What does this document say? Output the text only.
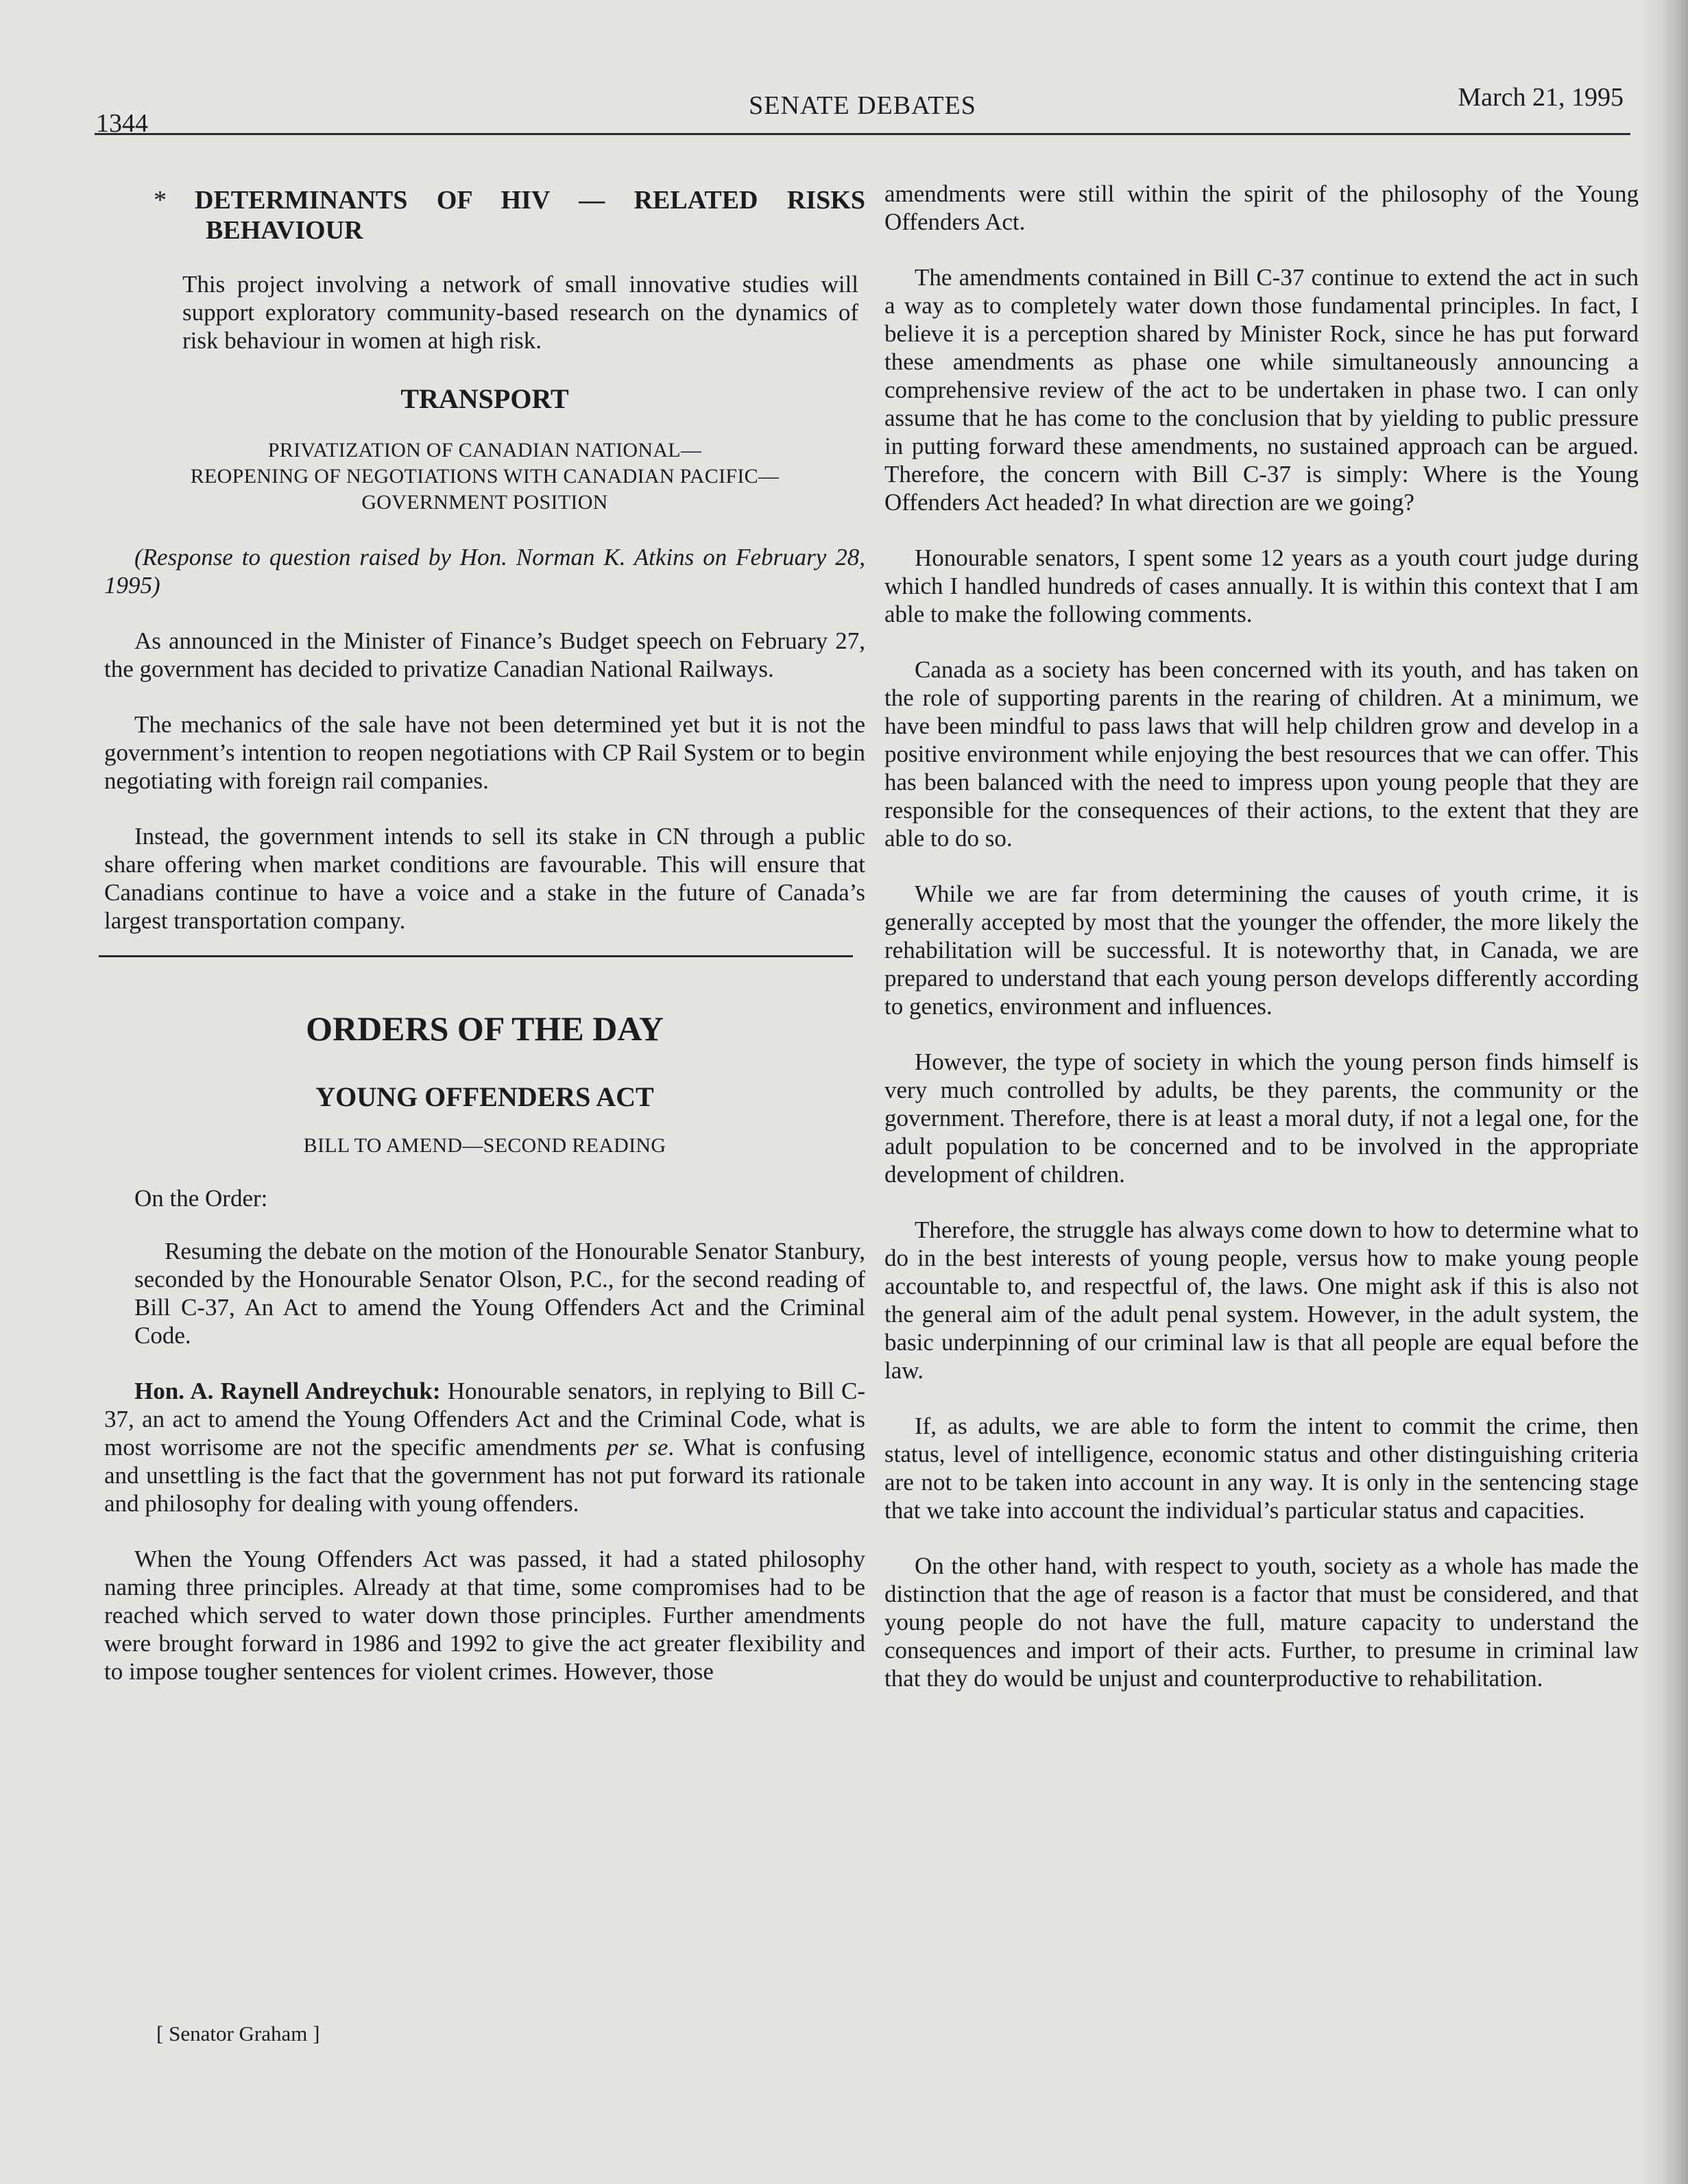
1344
SENATE DEBATES	March 21, 1995
* DETERMINANTS OF HIV — RELATED RISKS BEHAVIOUR

This project involving a network of small innovative studies will support exploratory community-based research on the dynamics of risk behaviour in women at high risk.

TRANSPORT
PRIVATIZATION OF CANADIAN NATIONAL—
REOPENING OF NEGOTIATIONS WITH CANADIAN PACIFIC—
GOVERNMENT POSITION

(Response to question raised by Hon. Norman K. Atkins on February 28, 1995)

As announced in the Minister of Finance’s Budget speech on February 27, the government has decided to privatize Canadian National Railways.

The mechanics of the sale have not been determined yet but it is not the government’s intention to reopen negotiations with CP Rail System or to begin negotiating with foreign rail companies.

Instead, the government intends to sell its stake in CN through a public share offering when market conditions are favourable. This will ensure that Canadians continue to have a voice and a stake in the future of Canada’s largest transportation company.

ORDERS OF THE DAY
YOUNG OFFENDERS ACT
BILL TO AMEND—SECOND READING

On the Order:

Resuming the debate on the motion of the Honourable Senator Stanbury, seconded by the Honourable Senator Olson, P.C., for the second reading of Bill C-37, An Act to amend the Young Offenders Act and the Criminal Code.

Hon. A. Raynell Andreychuk: Honourable senators, in replying to Bill C-37, an act to amend the Young Offenders Act and the Criminal Code, what is most worrisome are not the specific amendments per se. What is confusing and unsettling is the fact that the government has not put forward its rationale and philosophy for dealing with young offenders.

When the Young Offenders Act was passed, it had a stated philosophy naming three principles. Already at that time, some compromises had to be reached which served to water down those principles. Further amendments were brought forward in 1986 and 1992 to give the act greater flexibility and to impose tougher sentences for violent crimes. However, those

amendments were still within the spirit of the philosophy of the Young Offenders Act.

The amendments contained in Bill C-37 continue to extend the act in such a way as to completely water down those fundamental principles. In fact, I believe it is a perception shared by Minister Rock, since he has put forward these amendments as phase one while simultaneously announcing a comprehensive review of the act to be undertaken in phase two. I can only assume that he has come to the conclusion that by yielding to public pressure in putting forward these amendments, no sustained approach can be argued. Therefore, the concern with Bill C-37 is simply: Where is the Young Offenders Act headed? In what direction are we going?

Honourable senators, I spent some 12 years as a youth court judge during which I handled hundreds of cases annually. It is within this context that I am able to make the following comments.

Canada as a society has been concerned with its youth, and has taken on the role of supporting parents in the rearing of children. At a minimum, we have been mindful to pass laws that will help children grow and develop in a positive environment while enjoying the best resources that we can offer. This has been balanced with the need to impress upon young people that they are responsible for the consequences of their actions, to the extent that they are able to do so.

While we are far from determining the causes of youth crime, it is generally accepted by most that the younger the offender, the more likely the rehabilitation will be successful. It is noteworthy that, in Canada, we are prepared to understand that each young person develops differently according to genetics, environment and influences.

However, the type of society in which the young person finds himself is very much controlled by adults, be they parents, the community or the government. Therefore, there is at least a moral duty, if not a legal one, for the adult population to be concerned and to be involved in the appropriate development of children.

Therefore, the struggle has always come down to how to determine what to do in the best interests of young people, versus how to make young people accountable to, and respectful of, the laws. One might ask if this is also not the general aim of the adult penal system. However, in the adult system, the basic underpinning of our criminal law is that all people are equal before the law.

If, as adults, we are able to form the intent to commit the crime, then status, level of intelligence, economic status and other distinguishing criteria are not to be taken into account in any way. It is only in the sentencing stage that we take into account the individual’s particular status and capacities.

On the other hand, with respect to youth, society as a whole has made the distinction that the age of reason is a factor that must be considered, and that young people do not have the full, mature capacity to understand the consequences and import of their acts. Further, to presume in criminal law that they do would be unjust and counterproductive to rehabilitation.

[ Senator Graham ]
